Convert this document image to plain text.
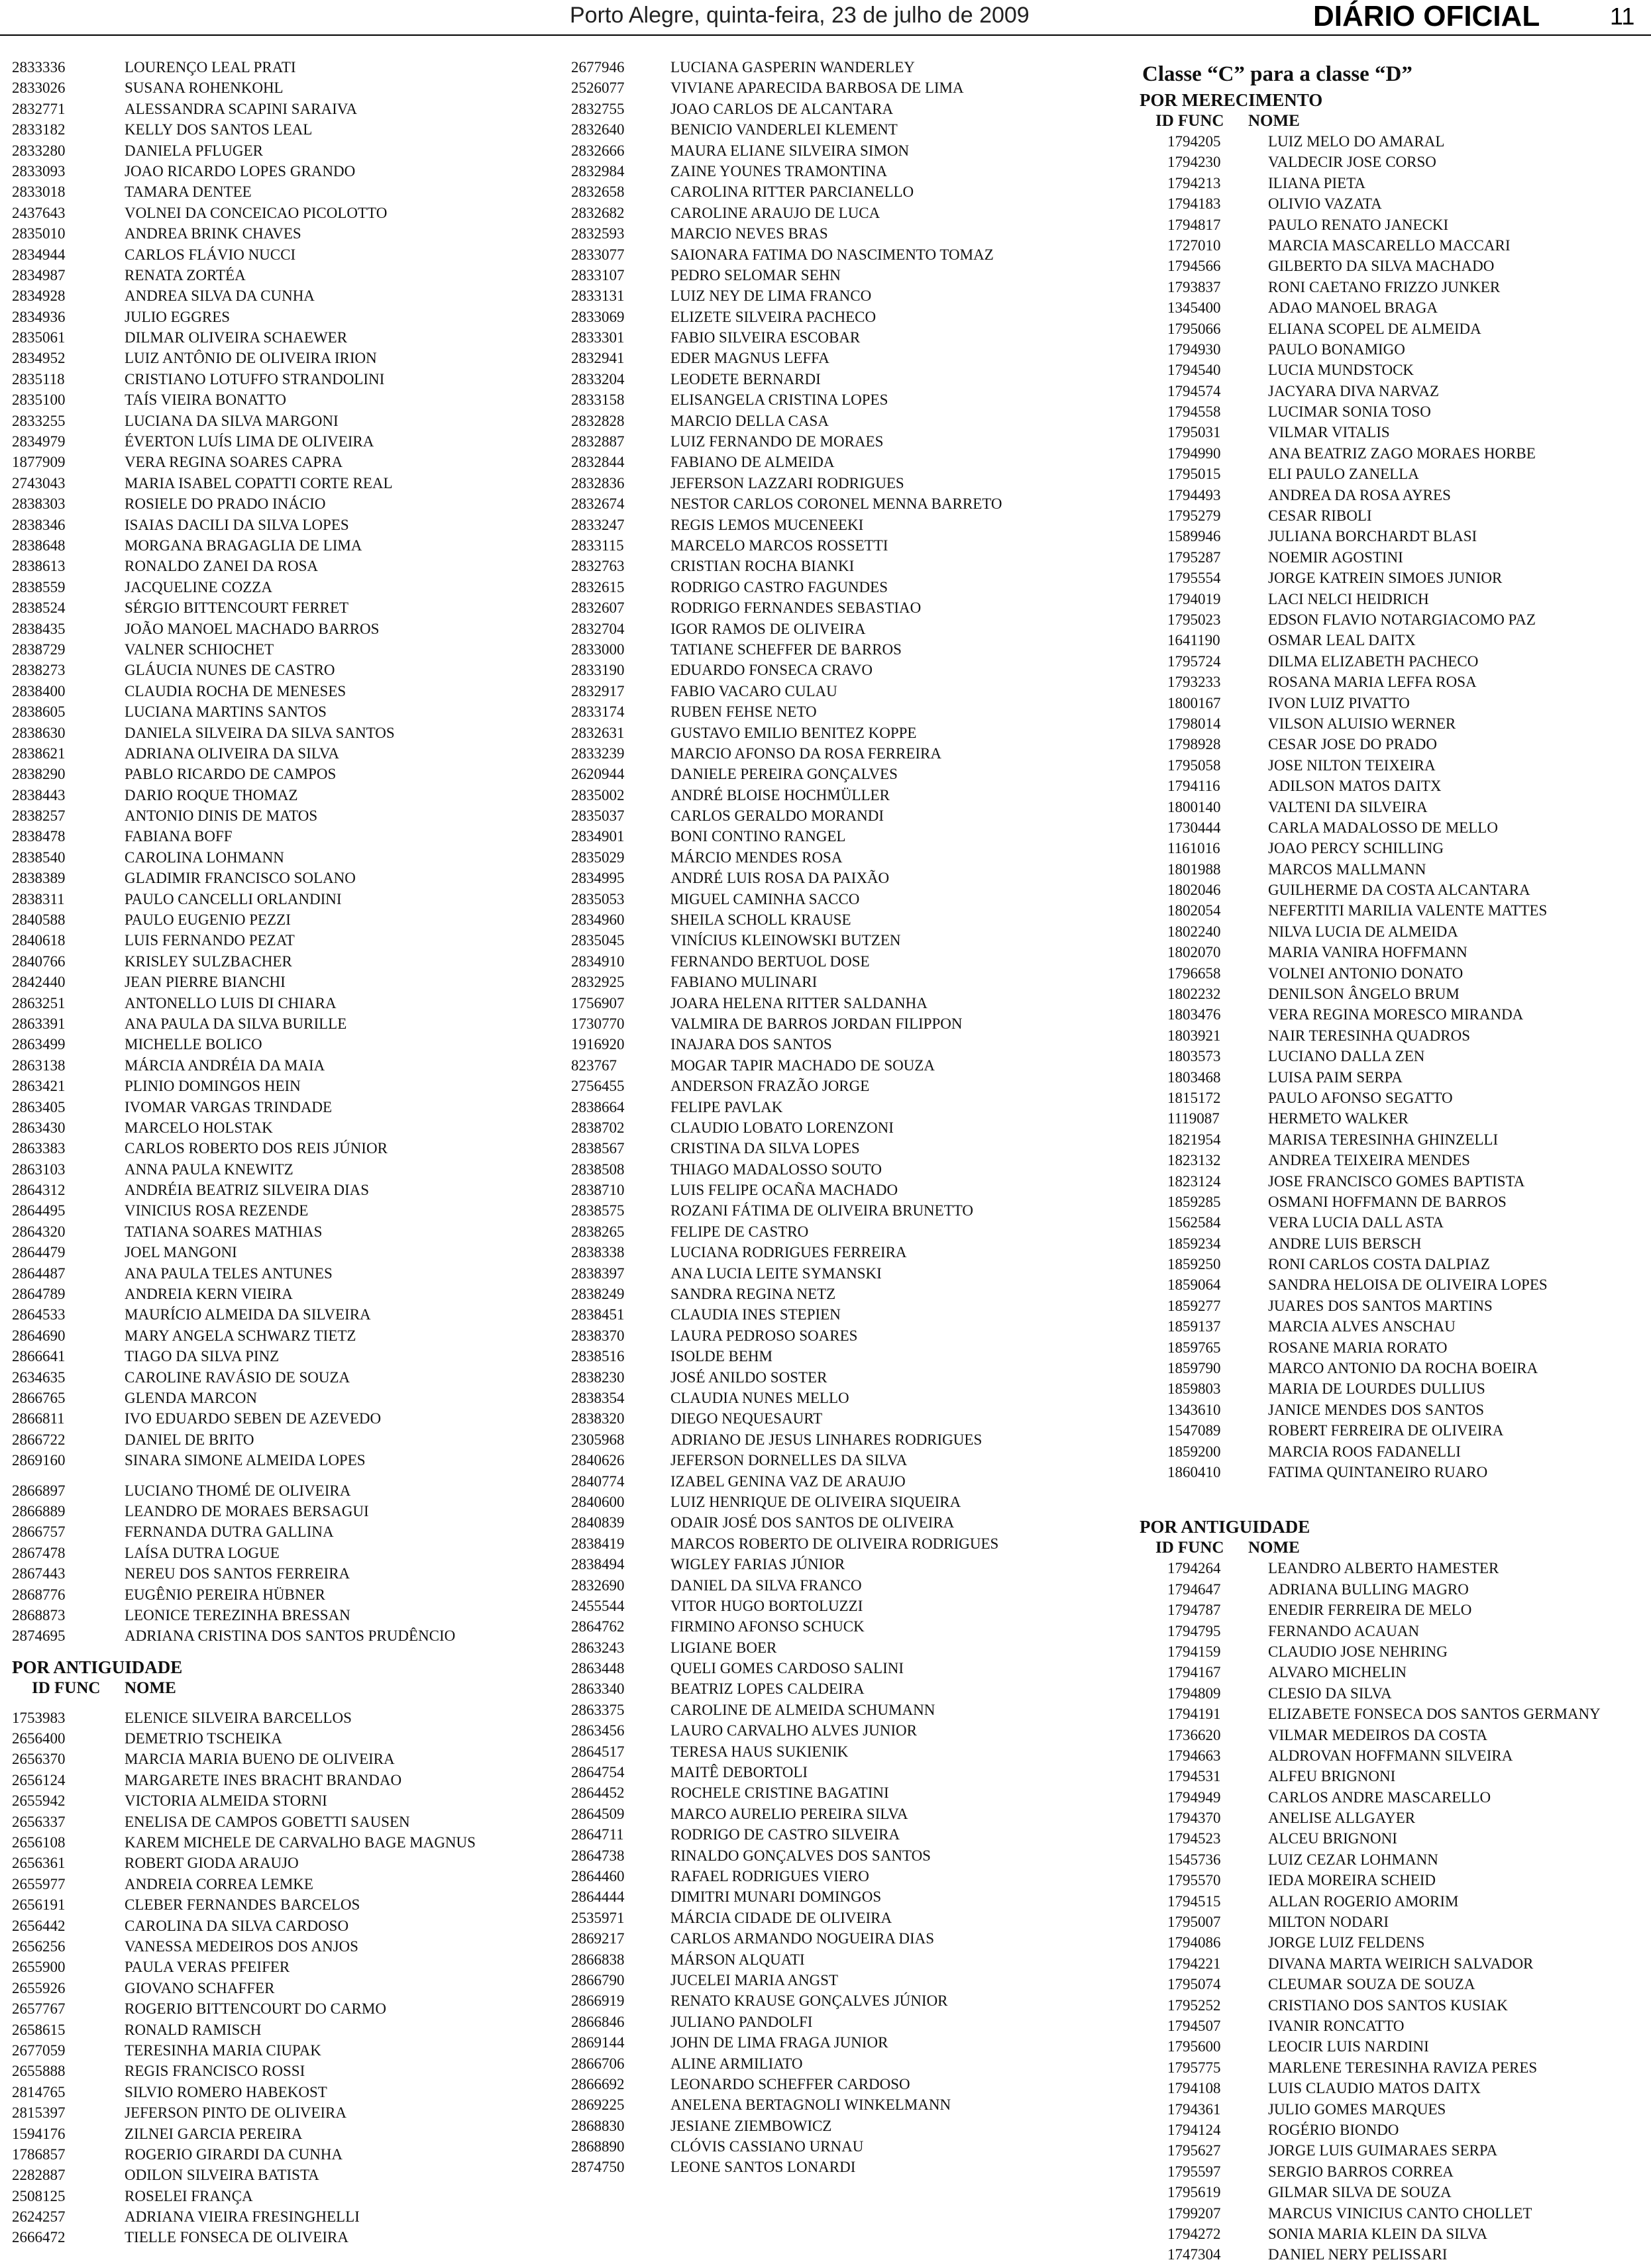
Porto Alegre, quinta-feira, 23 de julho de 2009	DIÁRIO OFICIAL	11
2833336	LOURENÇO LEAL PRATI
2833026	SUSANA ROHENKOHL
2832771	ALESSANDRA SCAPINI SARAIVA
2833182	KELLY DOS SANTOS LEAL
2833280	DANIELA PFLUGER
2833093	JOAO RICARDO LOPES GRANDO
2833018	TAMARA DENTEE
2437643	VOLNEI DA CONCEICAO PICOLOTTO
2835010	ANDREA BRINK CHAVES
2834944	CARLOS FLÁVIO NUCCI
2834987	RENATA ZORTÉA
2834928	ANDREA SILVA DA CUNHA
2834936	JULIO EGGRES
2835061	DILMAR OLIVEIRA SCHAEWER
2834952	LUIZ ANTÔNIO DE OLIVEIRA IRION
2835118	CRISTIANO LOTUFFO STRANDOLINI
2835100	TAÍS VIEIRA BONATTO
2833255	LUCIANA DA SILVA MARGONI
2834979	ÉVERTON LUÍS LIMA DE OLIVEIRA
1877909	VERA REGINA SOARES CAPRA
2743043	MARIA ISABEL COPATTI CORTE REAL
2838303	ROSIELE DO PRADO INÁCIO
2838346	ISAIAS DACILI DA SILVA LOPES
2838648	MORGANA BRAGAGLIA DE LIMA
2838613	RONALDO ZANEI DA ROSA
2838559	JACQUELINE COZZA
2838524	SÉRGIO BITTENCOURT FERRET
2838435	JOÃO MANOEL MACHADO BARROS
2838729	VALNER SCHIOCHET
2838273	GLÁUCIA NUNES DE CASTRO
2838400	CLAUDIA ROCHA DE MENESES
2838605	LUCIANA MARTINS SANTOS
2838630	DANIELA SILVEIRA DA SILVA SANTOS
2838621	ADRIANA OLIVEIRA DA SILVA
2838290	PABLO RICARDO DE CAMPOS
2838443	DARIO ROQUE THOMAZ
2838257	ANTONIO DINIS DE MATOS
2838478	FABIANA BOFF
2838540	CAROLINA LOHMANN
2838389	GLADIMIR FRANCISCO SOLANO
2838311	PAULO CANCELLI ORLANDINI
2840588	PAULO EUGENIO PEZZI
2840618	LUIS FERNANDO PEZAT
2840766	KRISLEY SULZBACHER
2842440	JEAN PIERRE BIANCHI
2863251	ANTONELLO LUIS DI CHIARA
2863391	ANA PAULA DA SILVA BURILLE
2863499	MICHELLE BOLICO
2863138	MÁRCIA ANDRÉIA DA MAIA
2863421	PLINIO DOMINGOS HEIN
2863405	IVOMAR VARGAS TRINDADE
2863430	MARCELO HOLSTAK
2863383	CARLOS ROBERTO DOS REIS JÚNIOR
2863103	ANNA PAULA KNEWITZ
2864312	ANDRÉIA BEATRIZ SILVEIRA DIAS
2864495	VINICIUS ROSA REZENDE
2864320	TATIANA SOARES MATHIAS
2864479	JOEL MANGONI
2864487	ANA PAULA TELES ANTUNES
2864789	ANDREIA KERN VIEIRA
2864533	MAURÍCIO ALMEIDA DA SILVEIRA
2864690	MARY ANGELA SCHWARZ TIETZ
2866641	TIAGO DA SILVA PINZ
2634635	CAROLINE RAVÁSIO DE SOUZA
2866765	GLENDA MARCON
2866811	IVO EDUARDO SEBEN DE AZEVEDO
2866722	DANIEL DE BRITO
2869160	SINARA SIMONE ALMEIDA LOPES
2866897	LUCIANO THOMÉ DE OLIVEIRA
2866889	LEANDRO DE MORAES BERSAGUI
2866757	FERNANDA DUTRA GALLINA
2867478	LAÍSA DUTRA LOGUE
2867443	NEREU DOS SANTOS FERREIRA
2868776	EUGÊNIO PEREIRA HÜBNER
2868873	LEONICE TEREZINHA BRESSAN
2874695	ADRIANA CRISTINA DOS SANTOS PRUDÊNCIO
POR ANTIGUIDADE
ID FUNC	NOME
1753983	ELENICE SILVEIRA BARCELLOS
2656400	DEMETRIO TSCHEIKA
2656370	MARCIA MARIA BUENO DE OLIVEIRA
2656124	MARGARETE INES BRACHT BRANDAO
2655942	VICTORIA ALMEIDA STORNI
2656337	ENELISA DE CAMPOS GOBETTI SAUSEN
2656108	KAREM MICHELE DE CARVALHO BAGE MAGNUS
2656361	ROBERT GIODA ARAUJO
2655977	ANDREIA CORREA LEMKE
2656191	CLEBER FERNANDES BARCELOS
2656442	CAROLINA DA SILVA CARDOSO
2656256	VANESSA MEDEIROS DOS ANJOS
2655900	PAULA VERAS PFEIFER
2655926	GIOVANO SCHAFFER
2657767	ROGERIO BITTENCOURT DO CARMO
2658615	RONALD RAMISCH
2677059	TERESINHA MARIA CIUPAK
2655888	REGIS FRANCISCO ROSSI
2814765	SILVIO ROMERO HABEKOST
2815397	JEFERSON PINTO DE OLIVEIRA
1594176	ZILNEI GARCIA PEREIRA
1786857	ROGERIO GIRARDI DA CUNHA
2282887	ODILON SILVEIRA BATISTA
2508125	ROSELEI FRANÇA
2624257	ADRIANA VIEIRA FRESINGHELLI
2666472	TIELLE FONSECA DE OLIVEIRA
2677946	LUCIANA GASPERIN WANDERLEY
2526077	VIVIANE APARECIDA BARBOSA DE LIMA
2832755	JOAO CARLOS DE ALCANTARA
2832640	BENICIO VANDERLEI KLEMENT
2832666	MAURA ELIANE SILVEIRA SIMON
2832984	ZAINE YOUNES TRAMONTINA
2832658	CAROLINA RITTER PARCIANELLO
2832682	CAROLINE ARAUJO DE LUCA
2832593	MARCIO NEVES BRAS
2833077	SAIONARA FATIMA DO NASCIMENTO TOMAZ
2833107	PEDRO SELOMAR SEHN
2833131	LUIZ NEY DE LIMA FRANCO
2833069	ELIZETE SILVEIRA PACHECO
2833301	FABIO SILVEIRA ESCOBAR
2832941	EDER MAGNUS LEFFA
2833204	LEODETE BERNARDI
2833158	ELISANGELA CRISTINA LOPES
2832828	MARCIO DELLA CASA
2832887	LUIZ FERNANDO DE MORAES
2832844	FABIANO DE ALMEIDA
2832836	JEFERSON LAZZARI RODRIGUES
2832674	NESTOR CARLOS CORONEL MENNA BARRETO
2833247	REGIS LEMOS MUCENEEKI
2833115	MARCELO MARCOS ROSSETTI
2832763	CRISTIAN ROCHA BIANKI
2832615	RODRIGO CASTRO FAGUNDES
2832607	RODRIGO FERNANDES SEBASTIAO
2832704	IGOR RAMOS DE OLIVEIRA
2833000	TATIANE SCHEFFER DE BARROS
2833190	EDUARDO FONSECA CRAVO
2832917	FABIO VACARO CULAU
2833174	RUBEN FEHSE NETO
2832631	GUSTAVO EMILIO BENITEZ KOPPE
2833239	MARCIO AFONSO DA ROSA FERREIRA
2620944	DANIELE PEREIRA GONÇALVES
2835002	ANDRÉ BLOISE HOCHMÜLLER
2835037	CARLOS GERALDO MORANDI
2834901	BONI CONTINO RANGEL
2835029	MÁRCIO MENDES ROSA
2834995	ANDRÉ LUIS ROSA DA PAIXÃO
2835053	MIGUEL CAMINHA SACCO
2834960	SHEILA SCHOLL KRAUSE
2835045	VINÍCIUS KLEINOWSKI BUTZEN
2834910	FERNANDO BERTUOL DOSE
2832925	FABIANO MULINARI
1756907	JOARA HELENA RITTER SALDANHA
1730770	VALMIRA DE BARROS JORDAN FILIPPON
1916920	INAJARA DOS SANTOS
823767	MOGAR TAPIR MACHADO DE SOUZA
2756455	ANDERSON FRAZÃO JORGE
2838664	FELIPE PAVLAK
2838702	CLAUDIO LOBATO LORENZONI
2838567	CRISTINA DA SILVA LOPES
2838508	THIAGO MADALOSSO SOUTO
2838710	LUIS FELIPE OCAÑA MACHADO
2838575	ROZANI FÁTIMA DE OLIVEIRA BRUNETTO
2838265	FELIPE DE CASTRO
2838338	LUCIANA RODRIGUES FERREIRA
2838397	ANA LUCIA LEITE SYMANSKI
2838249	SANDRA REGINA NETZ
2838451	CLAUDIA INES STEPIEN
2838370	LAURA PEDROSO SOARES
2838516	ISOLDE BEHM
2838230	JOSÉ ANILDO SOSTER
2838354	CLAUDIA NUNES MELLO
2838320	DIEGO NEQUESAURT
2305968	ADRIANO DE JESUS LINHARES RODRIGUES
2840626	JEFERSON DORNELLES DA SILVA
2840774	IZABEL GENINA VAZ DE ARAUJO
2840600	LUIZ HENRIQUE DE OLIVEIRA SIQUEIRA
2840839	ODAIR JOSÉ DOS SANTOS DE OLIVEIRA
2838419	MARCOS ROBERTO DE OLIVEIRA RODRIGUES
2838494	WIGLEY FARIAS JÚNIOR
2832690	DANIEL DA SILVA FRANCO
2455544	VITOR HUGO BORTOLUZZI
2864762	FIRMINO AFONSO SCHUCK
2863243	LIGIANE BOER
2863448	QUELI GOMES CARDOSO SALINI
2863340	BEATRIZ LOPES CALDEIRA
2863375	CAROLINE DE ALMEIDA SCHUMANN
2863456	LAURO CARVALHO ALVES JUNIOR
2864517	TERESA HAUS SUKIENIK
2864754	MAITÊ DEBORTOLI
2864452	ROCHELE CRISTINE BAGATINI
2864509	MARCO AURELIO PEREIRA SILVA
2864711	RODRIGO DE CASTRO SILVEIRA
2864738	RINALDO GONÇALVES DOS SANTOS
2864460	RAFAEL RODRIGUES VIERO
2864444	DIMITRI MUNARI DOMINGOS
2535971	MÁRCIA CIDADE DE OLIVEIRA
2869217	CARLOS ARMANDO NOGUEIRA DIAS
2866838	MÁRSON ALQUATI
2866790	JUCELEI MARIA ANGST
2866919	RENATO KRAUSE GONÇALVES JÚNIOR
2866846	JULIANO PANDOLFI
2869144	JOHN DE LIMA FRAGA JUNIOR
2866706	ALINE ARMILIATO
2866692	LEONARDO SCHEFFER CARDOSO
2869225	ANELENA BERTAGNOLI WINKELMANN
2868830	JESIANE ZIEMBOWICZ
2868890	CLÓVIS CASSIANO URNAU
2874750	LEONE SANTOS LONARDI
Classe “C” para a classe “D”
POR MERECIMENTO
ID FUNC	NOME
1794205	LUIZ MELO DO AMARAL
1794230	VALDECIR JOSE CORSO
1794213	ILIANA PIETA
1794183	OLIVIO VAZATA
1794817	PAULO RENATO JANECKI
1727010	MARCIA MASCARELLO MACCARI
1794566	GILBERTO DA SILVA MACHADO
1793837	RONI CAETANO FRIZZO JUNKER
1345400	ADAO MANOEL BRAGA
1795066	ELIANA SCOPEL DE ALMEIDA
1794930	PAULO BONAMIGO
1794540	LUCIA MUNDSTOCK
1794574	JACYARA DIVA NARVAZ
1794558	LUCIMAR SONIA TOSO
1795031	VILMAR VITALIS
1794990	ANA BEATRIZ ZAGO MORAES HORBE
1795015	ELI PAULO ZANELLA
1794493	ANDREA DA ROSA AYRES
1795279	CESAR RIBOLI
1589946	JULIANA BORCHARDT BLASI
1795287	NOEMIR AGOSTINI
1795554	JORGE KATREIN SIMOES JUNIOR
1794019	LACI NELCI HEIDRICH
1795023	EDSON FLAVIO NOTARGIACOMO PAZ
1641190	OSMAR LEAL DAITX
1795724	DILMA ELIZABETH PACHECO
1793233	ROSANA MARIA LEFFA ROSA
1800167	IVON LUIZ PIVATTO
1798014	VILSON ALUISIO WERNER
1798928	CESAR JOSE DO PRADO
1795058	JOSE NILTON TEIXEIRA
1794116	ADILSON MATOS DAITX
1800140	VALTENI DA SILVEIRA
1730444	CARLA MADALOSSO DE MELLO
1161016	JOAO PERCY SCHILLING
1801988	MARCOS MALLMANN
1802046	GUILHERME DA COSTA ALCANTARA
1802054	NEFERTITI MARILIA VALENTE MATTES
1802240	NILVA LUCIA DE ALMEIDA
1802070	MARIA VANIRA HOFFMANN
1796658	VOLNEI ANTONIO DONATO
1802232	DENILSON ÂNGELO BRUM
1803476	VERA REGINA MORESCO MIRANDA
1803921	NAIR TERESINHA QUADROS
1803573	LUCIANO DALLA ZEN
1803468	LUISA PAIM SERPA
1815172	PAULO AFONSO SEGATTO
1119087	HERMETO WALKER
1821954	MARISA TERESINHA GHINZELLI
1823132	ANDREA TEIXEIRA MENDES
1823124	JOSE FRANCISCO GOMES BAPTISTA
1859285	OSMANI HOFFMANN DE BARROS
1562584	VERA LUCIA DALL ASTA
1859234	ANDRE LUIS BERSCH
1859250	RONI CARLOS COSTA DALPIAZ
1859064	SANDRA HELOISA DE OLIVEIRA LOPES
1859277	JUARES DOS SANTOS MARTINS
1859137	MARCIA ALVES ANSCHAU
1859765	ROSANE MARIA RORATO
1859790	MARCO ANTONIO DA ROCHA BOEIRA
1859803	MARIA DE LOURDES DULLIUS
1343610	JANICE MENDES DOS SANTOS
1547089	ROBERT FERREIRA DE OLIVEIRA
1859200	MARCIA ROOS FADANELLI
1860410	FATIMA QUINTANEIRO RUARO
POR ANTIGUIDADE
ID FUNC	NOME
1794264	LEANDRO ALBERTO HAMESTER
1794647	ADRIANA BULLING MAGRO
1794787	ENEDIR FERREIRA DE MELO
1794795	FERNANDO ACAUAN
1794159	CLAUDIO JOSE NEHRING
1794167	ALVARO MICHELIN
1794809	CLESIO DA SILVA
1794191	ELIZABETE FONSECA DOS SANTOS GERMANY
1736620	VILMAR MEDEIROS DA COSTA
1794663	ALDROVAN HOFFMANN SILVEIRA
1794531	ALFEU BRIGNONI
1794949	CARLOS ANDRE MASCARELLO
1794370	ANELISE ALLGAYER
1794523	ALCEU BRIGNONI
1545736	LUIZ CEZAR LOHMANN
1795570	IEDA MOREIRA SCHEID
1794515	ALLAN ROGERIO AMORIM
1795007	MILTON NODARI
1794086	JORGE LUIZ FELDENS
1794221	DIVANA MARTA WEIRICH SALVADOR
1795074	CLEUMAR SOUZA DE SOUZA
1795252	CRISTIANO DOS SANTOS KUSIAK
1794507	IVANIR RONCATTO
1795600	LEOCIR LUIS NARDINI
1795775	MARLENE TERESINHA RAVIZA PERES
1794108	LUIS CLAUDIO MATOS DAITX
1794361	JULIO GOMES MARQUES
1794124	ROGÉRIO BIONDO
1795627	JORGE LUIS GUIMARAES SERPA
1795597	SERGIO BARROS CORREA
1795619	GILMAR SILVA DE SOUZA
1799207	MARCUS VINICIUS CANTO CHOLLET
1794272	SONIA MARIA KLEIN DA SILVA
1747304	DANIEL NERY PELISSARI
